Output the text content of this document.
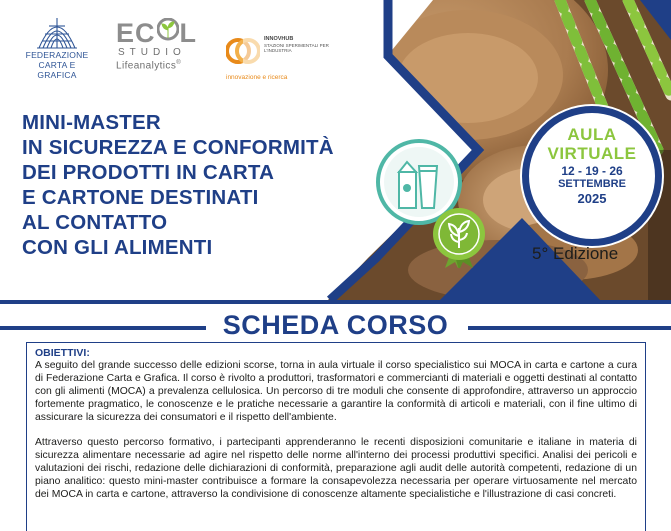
FEDERAZIONE
CARTA E GRAFICA
EC L
STUDIO
Lifeanalytics®
INNOVHUB
STAZIONI SPERIMENTALI PER L'INDUSTRIA
innovazione e ricerca
MINI-MASTER
IN SICUREZZA E CONFORMITÀ
DEI PRODOTTI IN CARTA
E CARTONE DESTINATI
AL CONTATTO
CON GLI ALIMENTI
AULA
VIRTUALE
12 - 19 - 26
SETTEMBRE
2025
5° Edizione
SCHEDA CORSO
OBIETTIVI:

A seguito del grande successo delle edizioni scorse, torna in aula virtuale il corso specialistico sui MOCA in carta e cartone a cura di Federazione Carta e Grafica. Il corso è rivolto a produttori, trasformatori e commercianti di materiali e oggetti destinati al contatto con gli alimenti (MOCA) a prevalenza cellulosica. Un percorso di tre moduli che consente di approfondire, attraverso un approccio fortemente pragmatico, le conoscenze e le pratiche necessarie a garantire la conformità di articoli e materiali, con il fine ultimo di assicurare la sicurezza dei consumatori e il rispetto dell'ambiente.

Attraverso questo percorso formativo, i partecipanti apprenderanno le recenti disposizioni comunitarie e italiane in materia di sicurezza alimentare necessarie ad agire nel rispetto delle norme all'interno dei processi produttivi specifici. Analisi dei pericoli e valutazioni dei rischi, redazione delle dichiarazioni di conformità, preparazione agli audit delle autorità competenti, redazione di un piano analitico: questo mini-master contribuisce a formare la consapevolezza necessaria per operare virtuosamente nel mercato dei MOCA in carta e cartone, attraverso la condivisione di conoscenze altamente specialistiche e l'illustrazione di casi concreti.
